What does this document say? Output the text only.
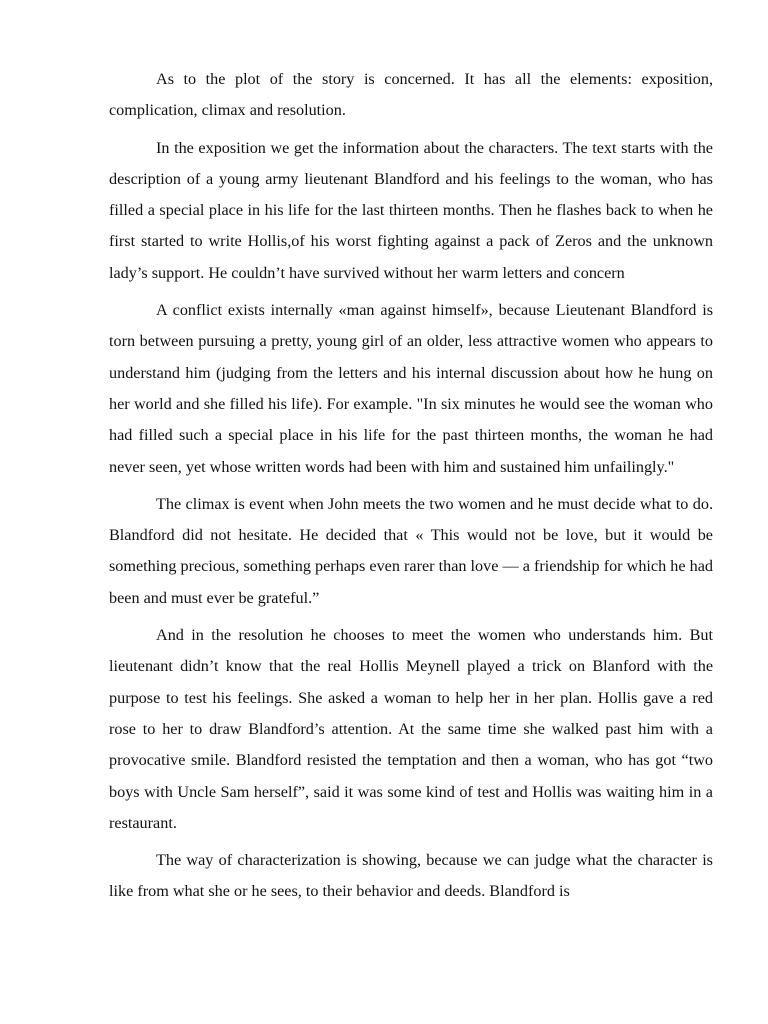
As to the plot of the story is concerned. It has all the elements: exposition, complication, climax and resolution.

In the exposition we get the information about the characters. The text starts with the description of a young army lieutenant Blandford and his feelings to the woman, who has filled a special place in his life for the last thirteen months. Then he flashes back to when he first started to write Hollis,of his worst fighting against a pack of Zeros and the unknown lady’s support. He couldn’t have survived without her warm letters and concern

A conflict exists internally «man against himself», because Lieutenant Blandford is torn between pursuing a pretty, young girl of an older, less attractive women who appears to understand him (judging from the letters and his internal discussion about how he hung on her world and she filled his life). For example. "In six minutes he would see the woman who had filled such a special place in his life for the past thirteen months, the woman he had never seen, yet whose written words had been with him and sustained him unfailingly."

The climax is event when John meets the two women and he must decide what to do. Blandford did not hesitate. He decided that « This would not be love, but it would be something precious, something perhaps even rarer than love — a friendship for which he had been and must ever be grateful.”

And in the resolution he chooses to meet the women who understands him. But lieutenant didn’t know that the real Hollis Meynell played a trick on Blanford with the purpose to test his feelings. She asked a woman to help her in her plan. Hollis gave a red rose to her to draw Blandford’s attention. At the same time she walked past him with a provocative smile. Blandford resisted the temptation and then a woman, who has got “two boys with Uncle Sam herself”, said it was some kind of test and Hollis was waiting him in a restaurant.

The way of characterization is showing, because we can judge what the character is like from what she or he sees, to their behavior and deeds. Blandford is
